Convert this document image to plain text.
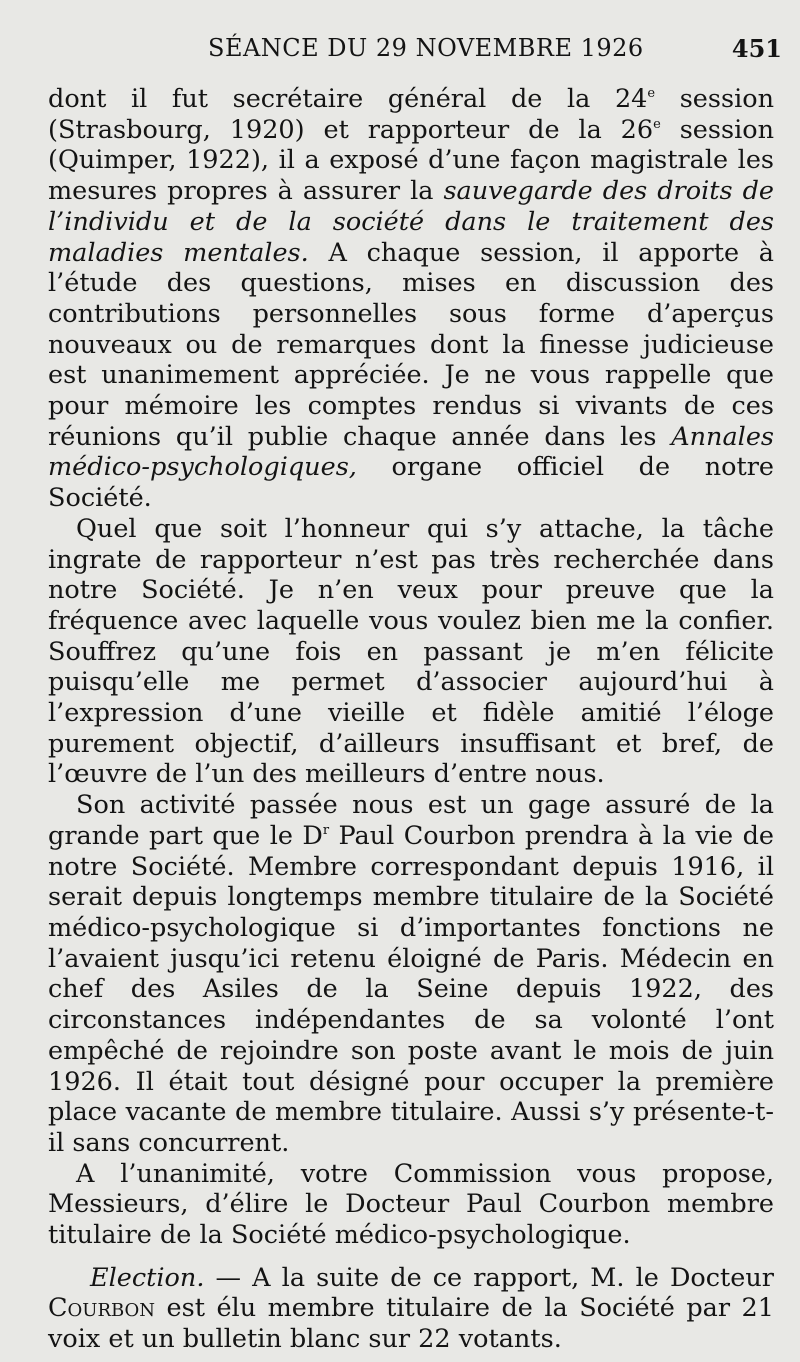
SÉANCE DU 29 NOVEMBRE 1926	451

dont il fut secrétaire général de la 24e session (Strasbourg, 1920) et rapporteur de la 26e session (Quimper, 1922), il a exposé d’une façon magistrale les mesures propres à assurer la sauvegarde des droits de l’individu et de la société dans le traitement des maladies mentales. A chaque session, il apporte à l’étude des questions, mises en discussion des contributions personnelles sous forme d’aperçus nouveaux ou de remarques dont la finesse judicieuse est unanimement appréciée. Je ne vous rappelle que pour mémoire les comptes rendus si vivants de ces réunions qu’il publie chaque année dans les Annales médico-psychologiques, organe officiel de notre Société.

Quel que soit l’honneur qui s’y attache, la tâche ingrate de rapporteur n’est pas très recherchée dans notre Société. Je n’en veux pour preuve que la fréquence avec laquelle vous voulez bien me la confier. Souffrez qu’une fois en passant je m’en félicite puisqu’elle me permet d’associer aujourd’hui à l’expression d’une vieille et fidèle amitié l’éloge purement objectif, d’ailleurs insuffisant et bref, de l’œuvre de l’un des meilleurs d’entre nous.

Son activité passée nous est un gage assuré de la grande part que le $D^r$ Paul Courbon prendra à la vie de notre Société. Membre correspondant depuis 1916, il serait depuis longtemps membre titulaire de la Société médico-psychologique si d’importantes fonctions ne l’avaient jusqu’ici retenu éloigné de Paris. Médecin en chef des Asiles de la Seine depuis 1922, des circonstances indépendantes de sa volonté l’ont empêché de rejoindre son poste avant le mois de juin 1926. Il était tout désigné pour occuper la première place vacante de membre titulaire. Aussi s’y présente-t-il sans concurrent.

A l’unanimité, votre Commission vous propose, Messieurs, d’élire le Docteur Paul Courbon membre titulaire de la Société médico-psychologique.

Election. — A la suite de ce rapport, M. le Docteur Courbon est élu membre titulaire de la Société par 21 voix et un bulletin blanc sur 22 votants.
